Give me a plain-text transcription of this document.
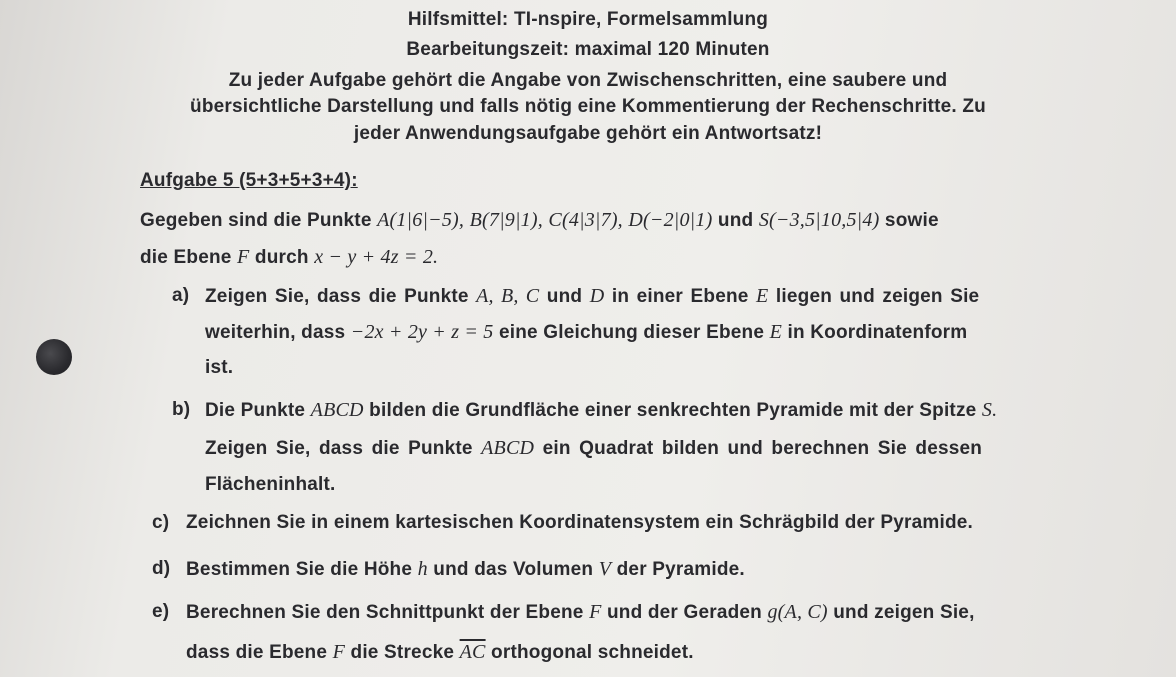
Hilfsmittel: TI-nspire, Formelsammlung
Bearbeitungszeit: maximal 120 Minuten
Zu jeder Aufgabe gehört die Angabe von Zwischenschritten, eine saubere und
übersichtliche Darstellung und falls nötig eine Kommentierung der Rechenschritte. Zu
jeder Anwendungsaufgabe gehört ein Antwortsatz!
Aufgabe 5 (5+3+5+3+4):
Gegeben sind die Punkte A(1|6|−5), B(7|9|1), C(4|3|7), D(−2|0|1) und S(−3,5|10,5|4) sowie
die Ebene F durch x − y + 4z = 2.
a) Zeigen Sie, dass die Punkte A, B, C und D in einer Ebene E liegen und zeigen Sie
weiterhin, dass −2x + 2y + z = 5 eine Gleichung dieser Ebene E in Koordinatenform
ist.
b) Die Punkte ABCD bilden die Grundfläche einer senkrechten Pyramide mit der Spitze S.
Zeigen Sie, dass die Punkte ABCD ein Quadrat bilden und berechnen Sie dessen
Flächeninhalt.
c) Zeichnen Sie in einem kartesischen Koordinatensystem ein Schrägbild der Pyramide.
d) Bestimmen Sie die Höhe h und das Volumen V der Pyramide.
e) Berechnen Sie den Schnittpunkt der Ebene F und der Geraden g(A, C) und zeigen Sie,
dass die Ebene F die Strecke $\overline{AC}$ orthogonal schneidet.
